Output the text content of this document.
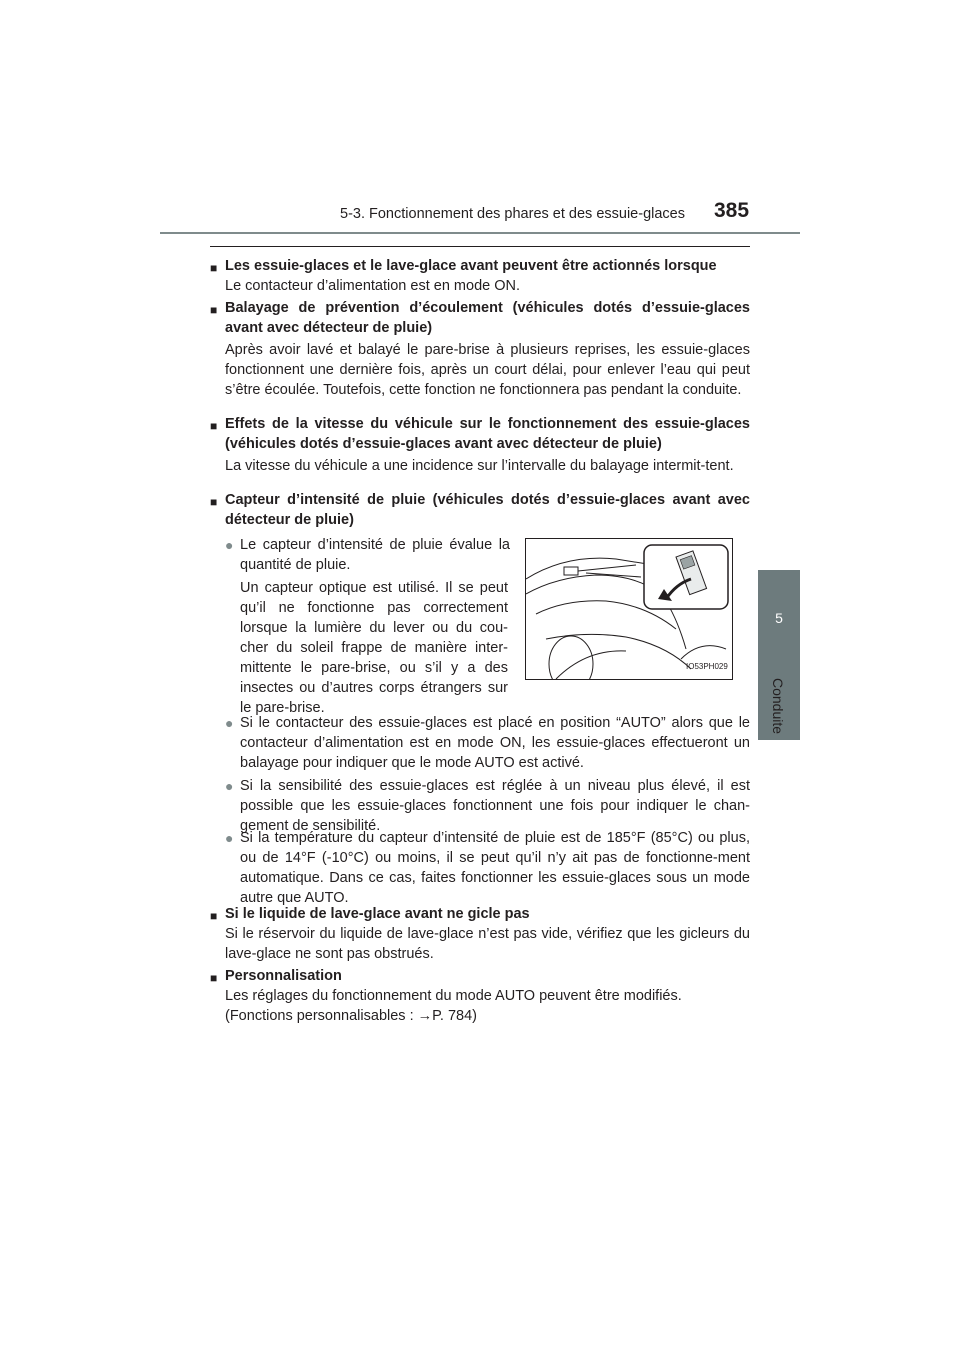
5-3. Fonctionnement des phares et des essuie-glaces 385
5
Conduite
■ Les essuie-glaces et le lave-glace avant peuvent être actionnés lorsque
Le contacteur d’alimentation est en mode ON.
■ Balayage de prévention d’écoulement (véhicules dotés d’essuie-glaces avant avec détecteur de pluie)
Après avoir lavé et balayé le pare-brise à plusieurs reprises, les essuie-glaces fonctionnent une dernière fois, après un court délai, pour enlever l’eau qui peut s’être écoulée. Toutefois, cette fonction ne fonctionnera pas pendant la conduite.
■ Effets de la vitesse du véhicule sur le fonctionnement des essuie-glaces (véhicules dotés d’essuie-glaces avant avec détecteur de pluie)
La vitesse du véhicule a une incidence sur l’intervalle du balayage intermit-tent.
■ Capteur d’intensité de pluie (véhicules dotés d’essuie-glaces avant avec détecteur de pluie)
● Le capteur d’intensité de pluie évalue la quantité de pluie.
Un capteur optique est utilisé. Il se peut qu’il ne fonctionne pas correctement lorsque la lumière du lever ou du cou-cher du soleil frappe de manière inter-mittente le pare-brise, ou s’il y a des insectes ou d’autres corps étrangers sur le pare-brise.
IO53PH029
● Si le contacteur des essuie-glaces est placé en position “AUTO” alors que le contacteur d’alimentation est en mode ON, les essuie-glaces effectueront un balayage pour indiquer que le mode AUTO est activé.
● Si la sensibilité des essuie-glaces est réglée à un niveau plus élevé, il est possible que les essuie-glaces fonctionnent une fois pour indiquer le chan-gement de sensibilité.
● Si la température du capteur d’intensité de pluie est de 185°F (85°C) ou plus, ou de 14°F (-10°C) ou moins, il se peut qu’il n’y ait pas de fonctionne-ment automatique. Dans ce cas, faites fonctionner les essuie-glaces sous un mode autre que AUTO.
■ Si le liquide de lave-glace avant ne gicle pas
Si le réservoir du liquide de lave-glace n’est pas vide, vérifiez que les gicleurs du lave-glace ne sont pas obstrués.
■ Personnalisation
Les réglages du fonctionnement du mode AUTO peuvent être modifiés.
(Fonctions personnalisables : →P. 784)
